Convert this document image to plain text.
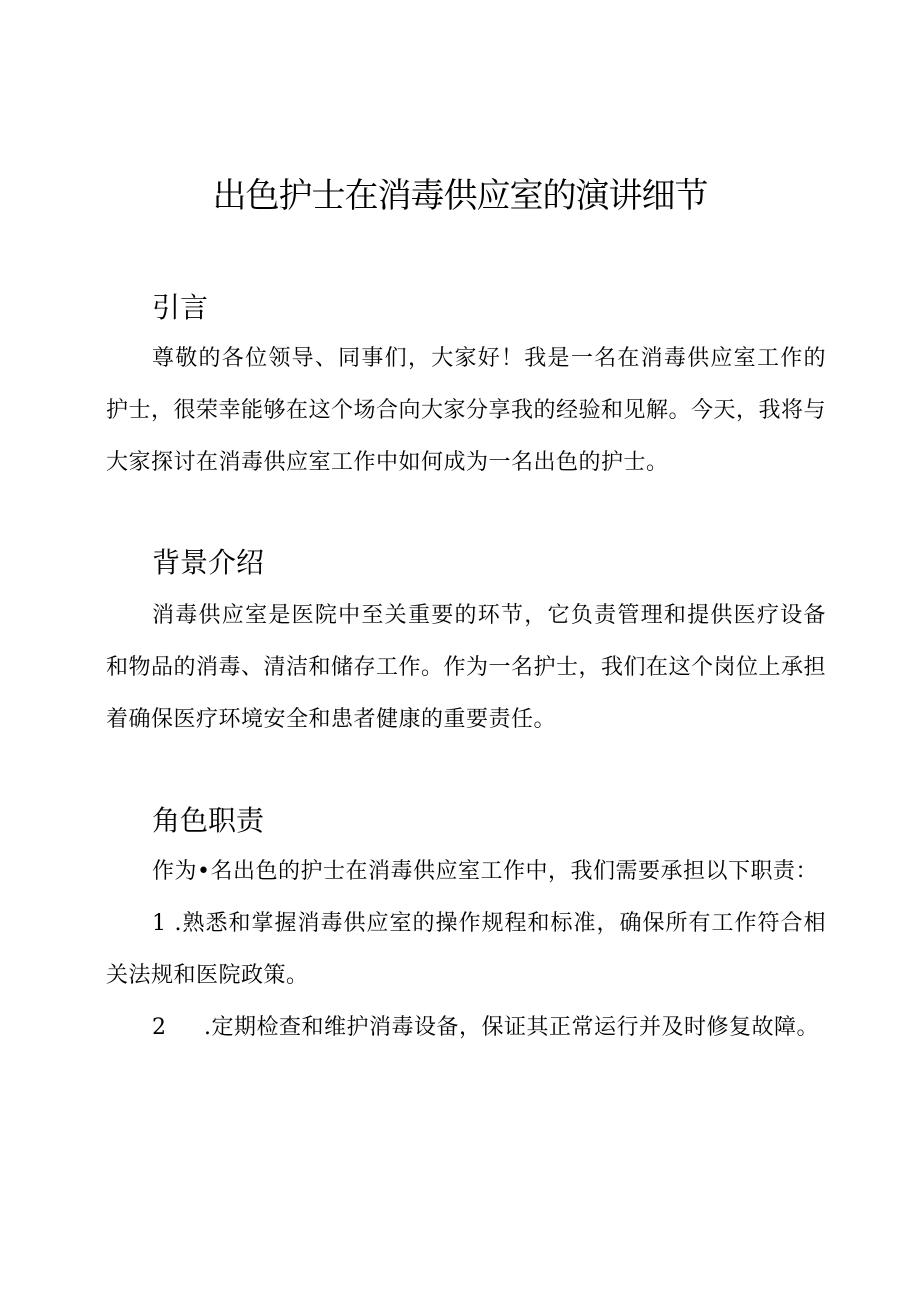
出色护士在消毒供应室的演讲细节
引言

尊敬的各位领导、同事们，大家好！我是一名在消毒供应室工作的护士，很荣幸能够在这个场合向大家分享我的经验和见解。今天，我将与大家探讨在消毒供应室工作中如何成为一名出色的护士。

背景介绍

消毒供应室是医院中至关重要的环节，它负责管理和提供医疗设备和物品的消毒、清洁和储存工作。作为一名护士，我们在这个岗位上承担着确保医疗环境安全和患者健康的重要责任。

角色职责

作为•名出色的护士在消毒供应室工作中，我们需要承担以下职责：

1 .熟悉和掌握消毒供应室的操作规程和标准，确保所有工作符合相关法规和医院政策。

2 .定期检查和维护消毒设备，保证其正常运行并及时修复故障。
